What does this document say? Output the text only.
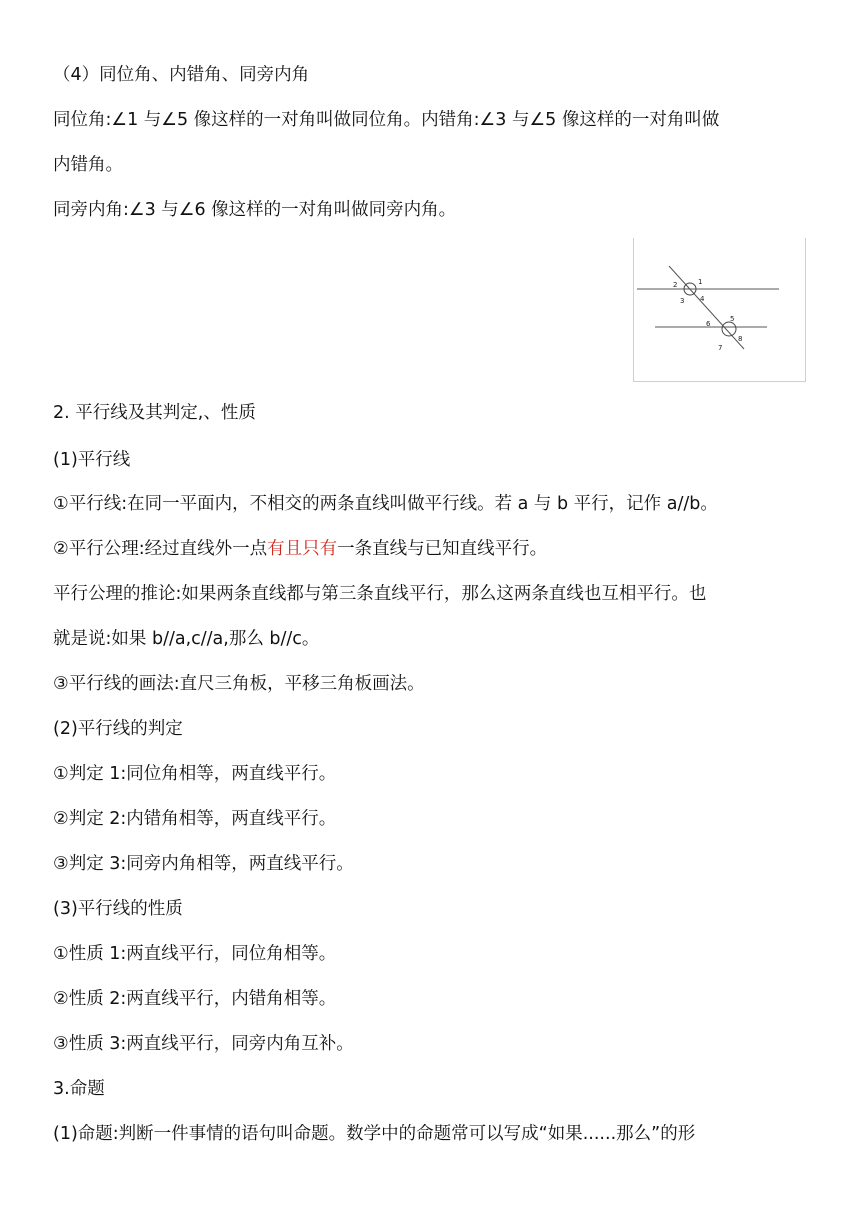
（4）同位角、内错角、同旁内角
同位角:∠1 与∠5 像这样的一对角叫做同位角。内错角:∠3 与∠5 像这样的一对角叫做
内错角。
同旁内角:∠3 与∠6 像这样的一对角叫做同旁内角。
1
2
3 4
5
6
7
8
2. 平行线及其判定,、性质
(1)平行线
①平行线:在同一平面内，不相交的两条直线叫做平行线。若 a 与 b 平行，记作 a//b。
②平行公理:经过直线外一点有且只有一条直线与已知直线平行。
平行公理的推论:如果两条直线都与第三条直线平行，那么这两条直线也互相平行。也
就是说:如果 b//a,c//a,那么 b//c。
③平行线的画法:直尺三角板，平移三角板画法。
(2)平行线的判定
①判定 1:同位角相等，两直线平行。
②判定 2:内错角相等，两直线平行。
③判定 3:同旁内角相等，两直线平行。
(3)平行线的性质
①性质 1:两直线平行，同位角相等。
②性质 2:两直线平行，内错角相等。
③性质 3:两直线平行，同旁内角互补。
3.命题
(1)命题:判断一件事情的语句叫命题。数学中的命题常可以写成“如果......那么”的形
